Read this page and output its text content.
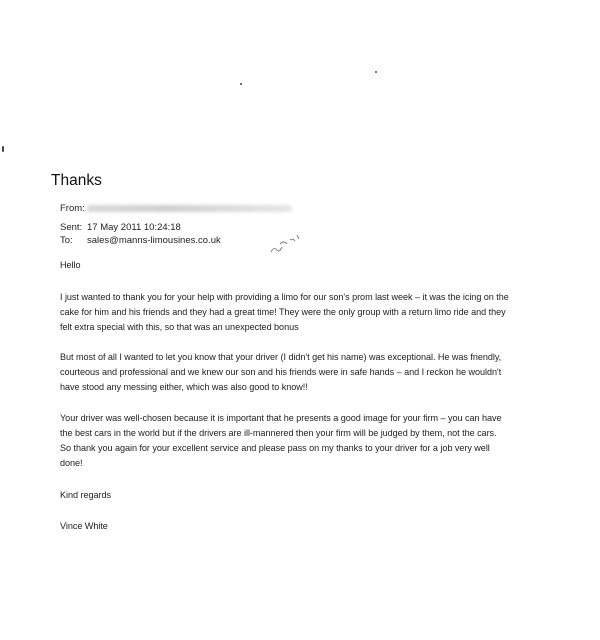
Thanks
From:
Sent: 17 May 2011 10:24:18
To: sales@manns-limousines.co.uk
Hello
I just wanted to thank you for your help with providing a limo for our son's prom last week – it was the icing on the cake for him and his friends and they had a great time! They were the only group with a return limo ride and they felt extra special with this, so that was an unexpected bonus
But most of all I wanted to let you know that your driver (I didn't get his name) was exceptional. He was friendly, courteous and professional and we knew our son and his friends were in safe hands – and I reckon he wouldn't have stood any messing either, which was also good to know!!
Your driver was well-chosen because it is important that he presents a good image for your firm – you can have the best cars in the world but if the drivers are ill-mannered then your firm will be judged by them, not the cars. So thank you again for your excellent service and please pass on my thanks to your driver for a job very well done!
Kind regards
Vince White
